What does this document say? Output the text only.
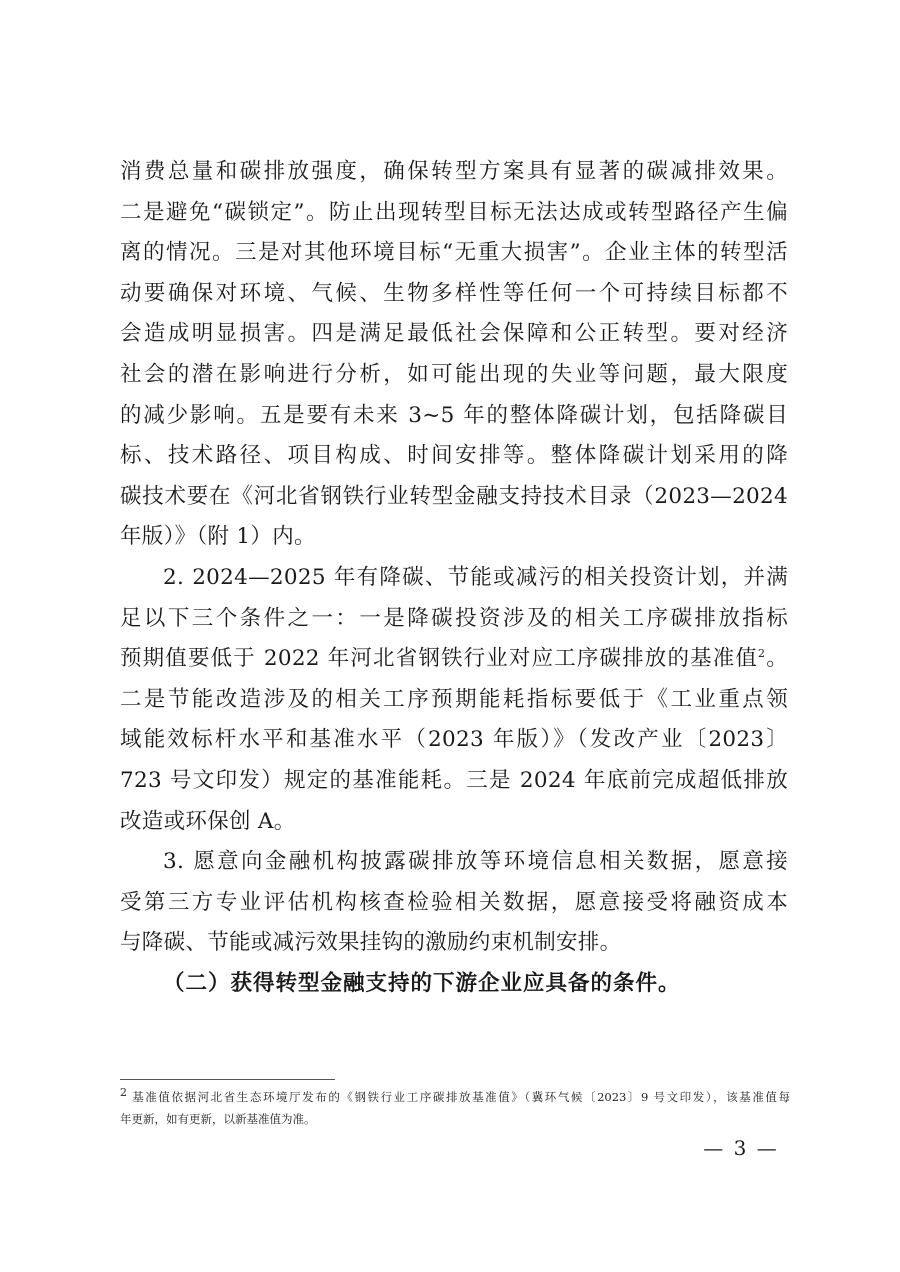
消费总量和碳排放强度，确保转型方案具有显著的碳减排效果。
二是避免“碳锁定”。防止出现转型目标无法达成或转型路径产生偏
离的情况。三是对其他环境目标“无重大损害”。企业主体的转型活
动要确保对环境、气候、生物多样性等任何一个可持续目标都不
会造成明显损害。四是满足最低社会保障和公正转型。要对经济
社会的潜在影响进行分析，如可能出现的失业等问题，最大限度
的减少影响。五是要有未来 3~5 年的整体降碳计划，包括降碳目
标、技术路径、项目构成、时间安排等。整体降碳计划采用的降
碳技术要在《河北省钢铁行业转型金融支持技术目录（2023—2024
年版）》（附 1）内。

2. 2024—2025 年有降碳、节能或减污的相关投资计划，并满
足以下三个条件之一：一是降碳投资涉及的相关工序碳排放指标
预期值要低于 2022 年河北省钢铁行业对应工序碳排放的基准值$^2$。
二是节能改造涉及的相关工序预期能耗指标要低于《工业重点领
域能效标杆水平和基准水平（2023 年版）》（发改产业〔2023〕
723 号文印发）规定的基准能耗。三是 2024 年底前完成超低排放
改造或环保创 A。

3. 愿意向金融机构披露碳排放等环境信息相关数据，愿意接
受第三方专业评估机构核查检验相关数据，愿意接受将融资成本
与降碳、节能或减污效果挂钩的激励约束机制安排。

（二）获得转型金融支持的下游企业应具备的条件。

2 基准值依据河北省生态环境厅发布的《钢铁行业工序碳排放基准值》（冀环气候〔2023〕9 号文印发），该基准值每
年更新，如有更新，以新基准值为准。
— 3 —
